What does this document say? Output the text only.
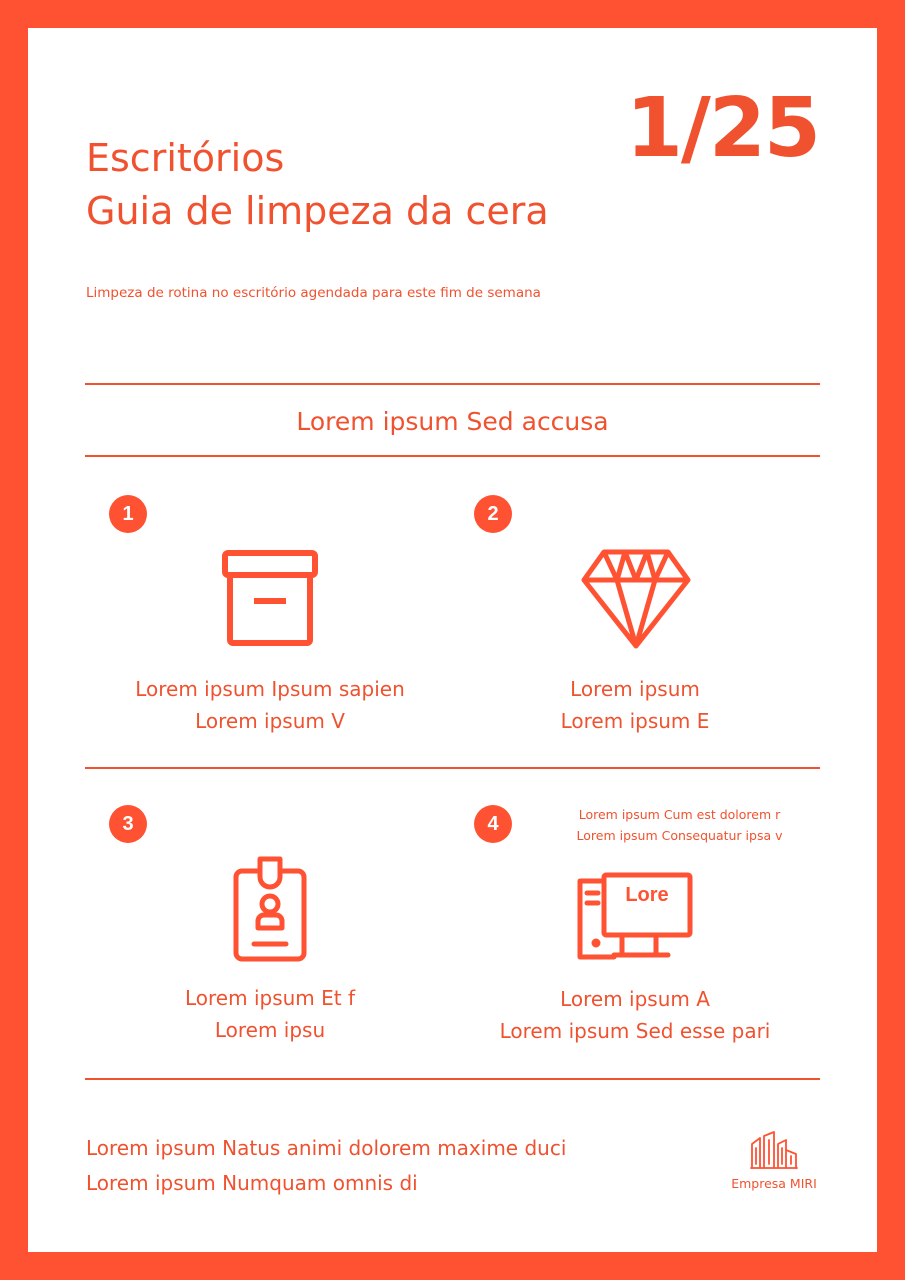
Escritórios
Guia de limpeza da cera
1/25
Limpeza de rotina no escritório agendada para este fim de semana
Lorem ipsum Sed accusa
1
Lorem ipsum Ipsum sapien
Lorem ipsum V
2
Lorem ipsum
Lorem ipsum E
3
Lorem ipsum Et f
Lorem ipsu
4	Lorem ipsum Cum est dolorem r
Lorem ipsum Consequatur ipsa v
Lore
Lorem ipsum A
Lorem ipsum Sed esse pari
Lorem ipsum Natus animi dolorem maxime duci
Lorem ipsum Numquam omnis di	Empresa MIRI
